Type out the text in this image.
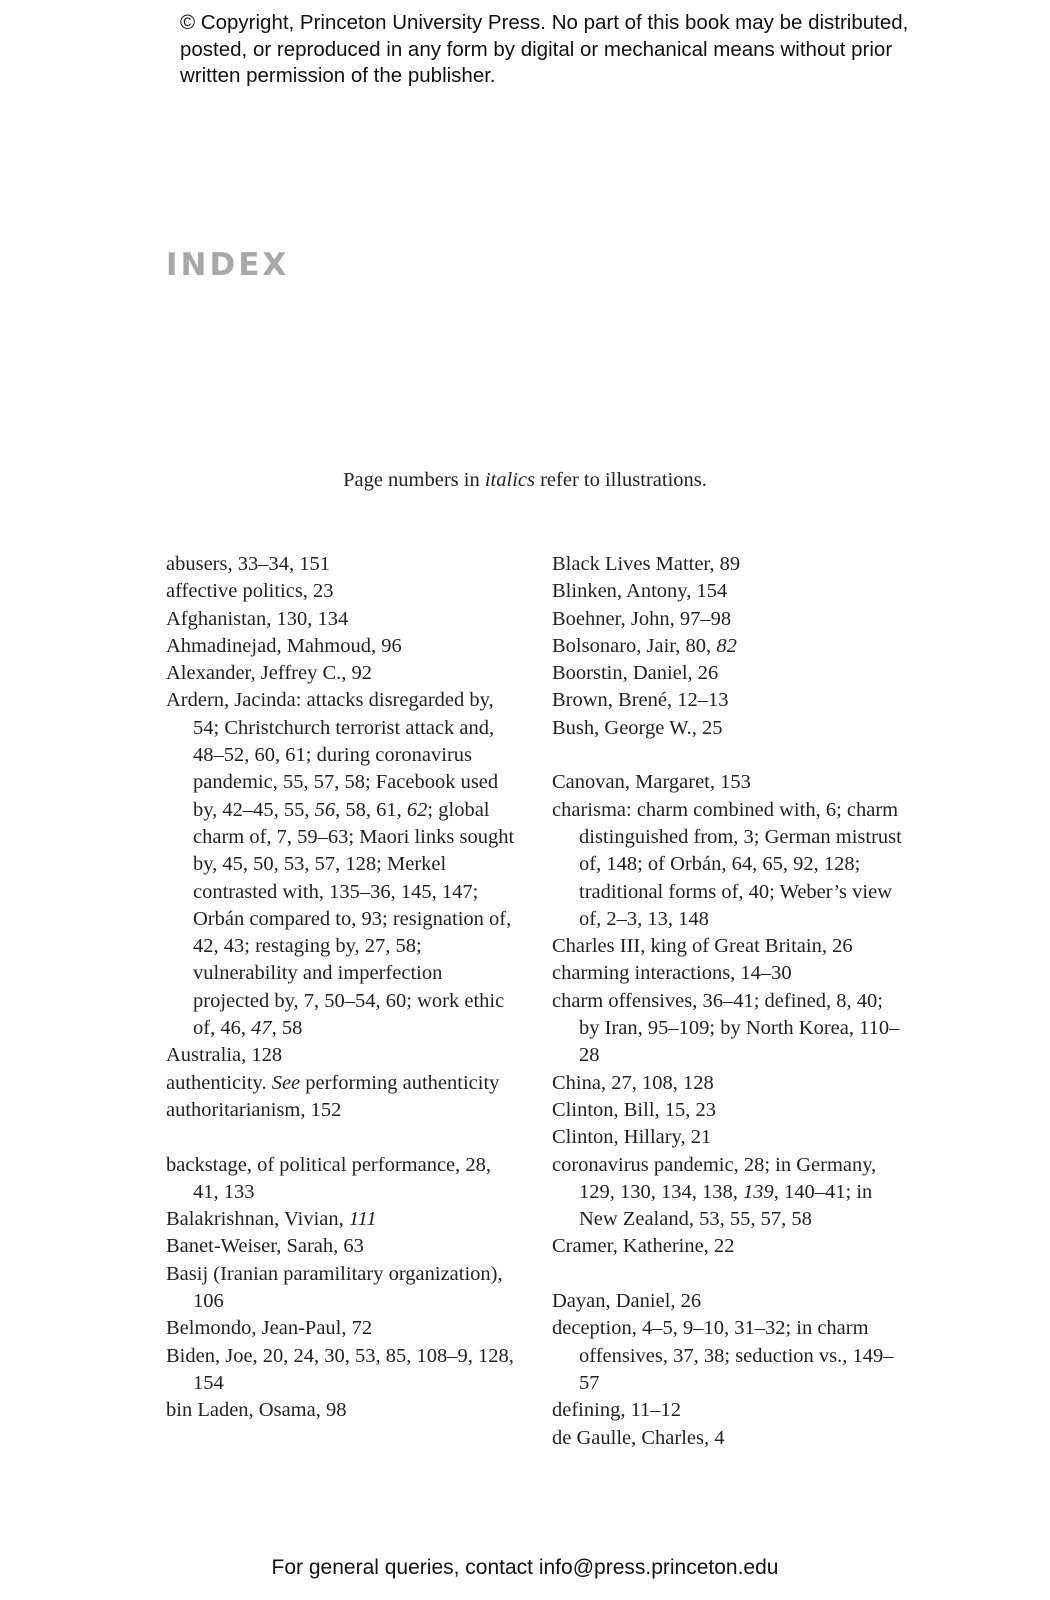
© Copyright, Princeton University Press. No part of this book may be distributed, posted, or reproduced in any form by digital or mechanical means without prior written permission of the publisher.

INDEX
Page numbers in italics refer to illustrations.

abusers, 33–34, 151

affective politics, 23

Afghanistan, 130, 134

Ahmadinejad, Mahmoud, 96

Alexander, Jeffrey C., 92

Ardern, Jacinda: attacks disregarded by, 54; Christchurch terrorist attack and, 48–52, 60, 61; during coronavirus pandemic, 55, 57, 58; Facebook used by, 42–45, 55, 56, 58, 61, 62; global charm of, 7, 59–63; Maori links sought by, 45, 50, 53, 57, 128; Merkel contrasted with, 135–36, 145, 147; Orbán compared to, 93; resignation of, 42, 43; restaging by, 27, 58; vulnerability and imperfection projected by, 7, 50–54, 60; work ethic of, 46, 47, 58

Australia, 128

authenticity. See performing authenticity

authoritarianism, 152

backstage, of political performance, 28, 41, 133

Balakrishnan, Vivian, 111

Banet-Weiser, Sarah, 63

Basij (Iranian paramilitary organization), 106

Belmondo, Jean-Paul, 72

Biden, Joe, 20, 24, 30, 53, 85, 108–9, 128, 154

bin Laden, Osama, 98

Black Lives Matter, 89

Blinken, Antony, 154

Boehner, John, 97–98

Bolsonaro, Jair, 80, 82

Boorstin, Daniel, 26

Brown, Brené, 12–13

Bush, George W., 25

Canovan, Margaret, 153

charisma: charm combined with, 6; charm distinguished from, 3; German mistrust of, 148; of Orbán, 64, 65, 92, 128; traditional forms of, 40; Weber’s view of, 2–3, 13, 148

Charles III, king of Great Britain, 26

charming interactions, 14–30

charm offensives, 36–41; defined, 8, 40; by Iran, 95–109; by North Korea, 110–28

China, 27, 108, 128

Clinton, Bill, 15, 23

Clinton, Hillary, 21

coronavirus pandemic, 28; in Germany, 129, 130, 134, 138, 139, 140–41; in New Zealand, 53, 55, 57, 58

Cramer, Katherine, 22

Dayan, Daniel, 26

deception, 4–5, 9–10, 31–32; in charm offensives, 37, 38; seduction vs., 149–57

defining, 11–12

de Gaulle, Charles, 4

For general queries, contact info@press.princeton.edu
